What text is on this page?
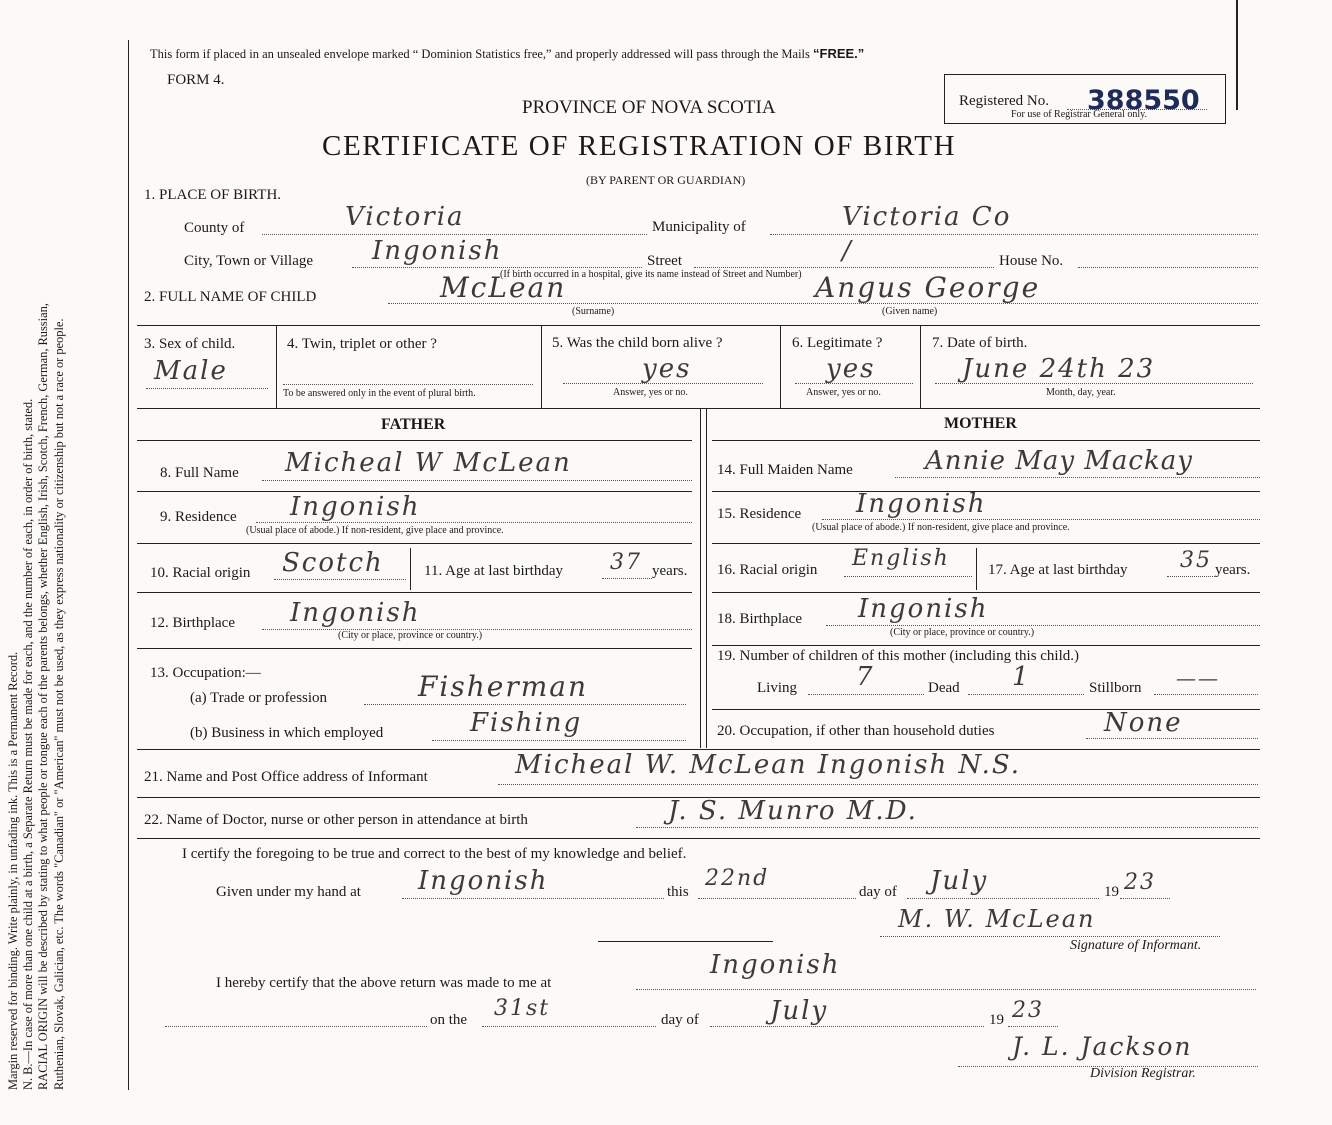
Margin reserved for binding. Write plainly, in unfading ink. This is a Permanent Record. N. B.—In case of more than one child at a birth, a Separate Return must be made for each, and the number of each, in order of birth, stated. RACIAL ORIGIN will be described by stating to what people or tongue each of the parents belongs, whether English, Irish, Scotch, French, German, Russian, Ruthenian, Slovak, Galician, etc. The words "Canadian" or "American" must not be used, as they express nationality or citizenship but not a race or people.
This form if placed in an unsealed envelope marked “ Dominion Statistics free,” and properly addressed will pass through the Mails “FREE.”
FORM 4.
PROVINCE OF NOVA SCOTIA
CERTIFICATE OF REGISTRATION OF BIRTH
(BY PARENT OR GUARDIAN)
Registered No. 388550
For use of Registrar General only.
1. PLACE OF BIRTH.
County of	Victoria	Municipality of	Victoria Co
City, Town or Village Ingonish	Street	/	House No.
(If birth occurred in a hospital, give its name instead of Street and Number)
2. FULL NAME OF CHILD	McLean	Angus George
(Surname)	(Given name)
3. Sex of child.
Male
4. Twin, triplet or other ?
To be answered only in the event of plural birth.
5. Was the child born alive ?
yes
Answer, yes or no.
6. Legitimate ?
yes
Answer, yes or no.
7. Date of birth.
June 24th 23
Month, day, year.
FATHER	MOTHER
8. Full Name Micheal W McLean
9. Residence Ingonish
(Usual place of abode.) If non-resident, give place and province.
10. Racial origin Scotch	11. Age at last birthday 37 years.
12. Birthplace Ingonish
(City or place, province or country.)
13. Occupation:—
(a) Trade or profession	Fisherman
(b) Business in which employed	Fishing
14. Full Maiden Name	Annie May Mackay
15. Residence Ingonish
(Usual place of abode.) If non-resident, give place and province.
16. Racial origin English	17. Age at last birthday 35 years.
18. Birthplace Ingonish
(City or place, province or country.)
19. Number of children of this mother (including this child.)
Living 7	Dead 1	Stillborn ——
20. Occupation, if other than household duties	None
21. Name and Post Office address of Informant	Micheal W. McLean Ingonish N.S.
22. Name of Doctor, nurse or other person in attendance at birth	J. S. Munro M.D.
I certify the foregoing to be true and correct to the best of my knowledge and belief.
Given under my hand at Ingonish	this
22nd
day of July	19 23
M. W. McLean
Signature of Informant.
I hereby certify that the above return was made to me at
Ingonish
on the 31st	day of	July	19 23
J. L. Jackson
Division Registrar.
